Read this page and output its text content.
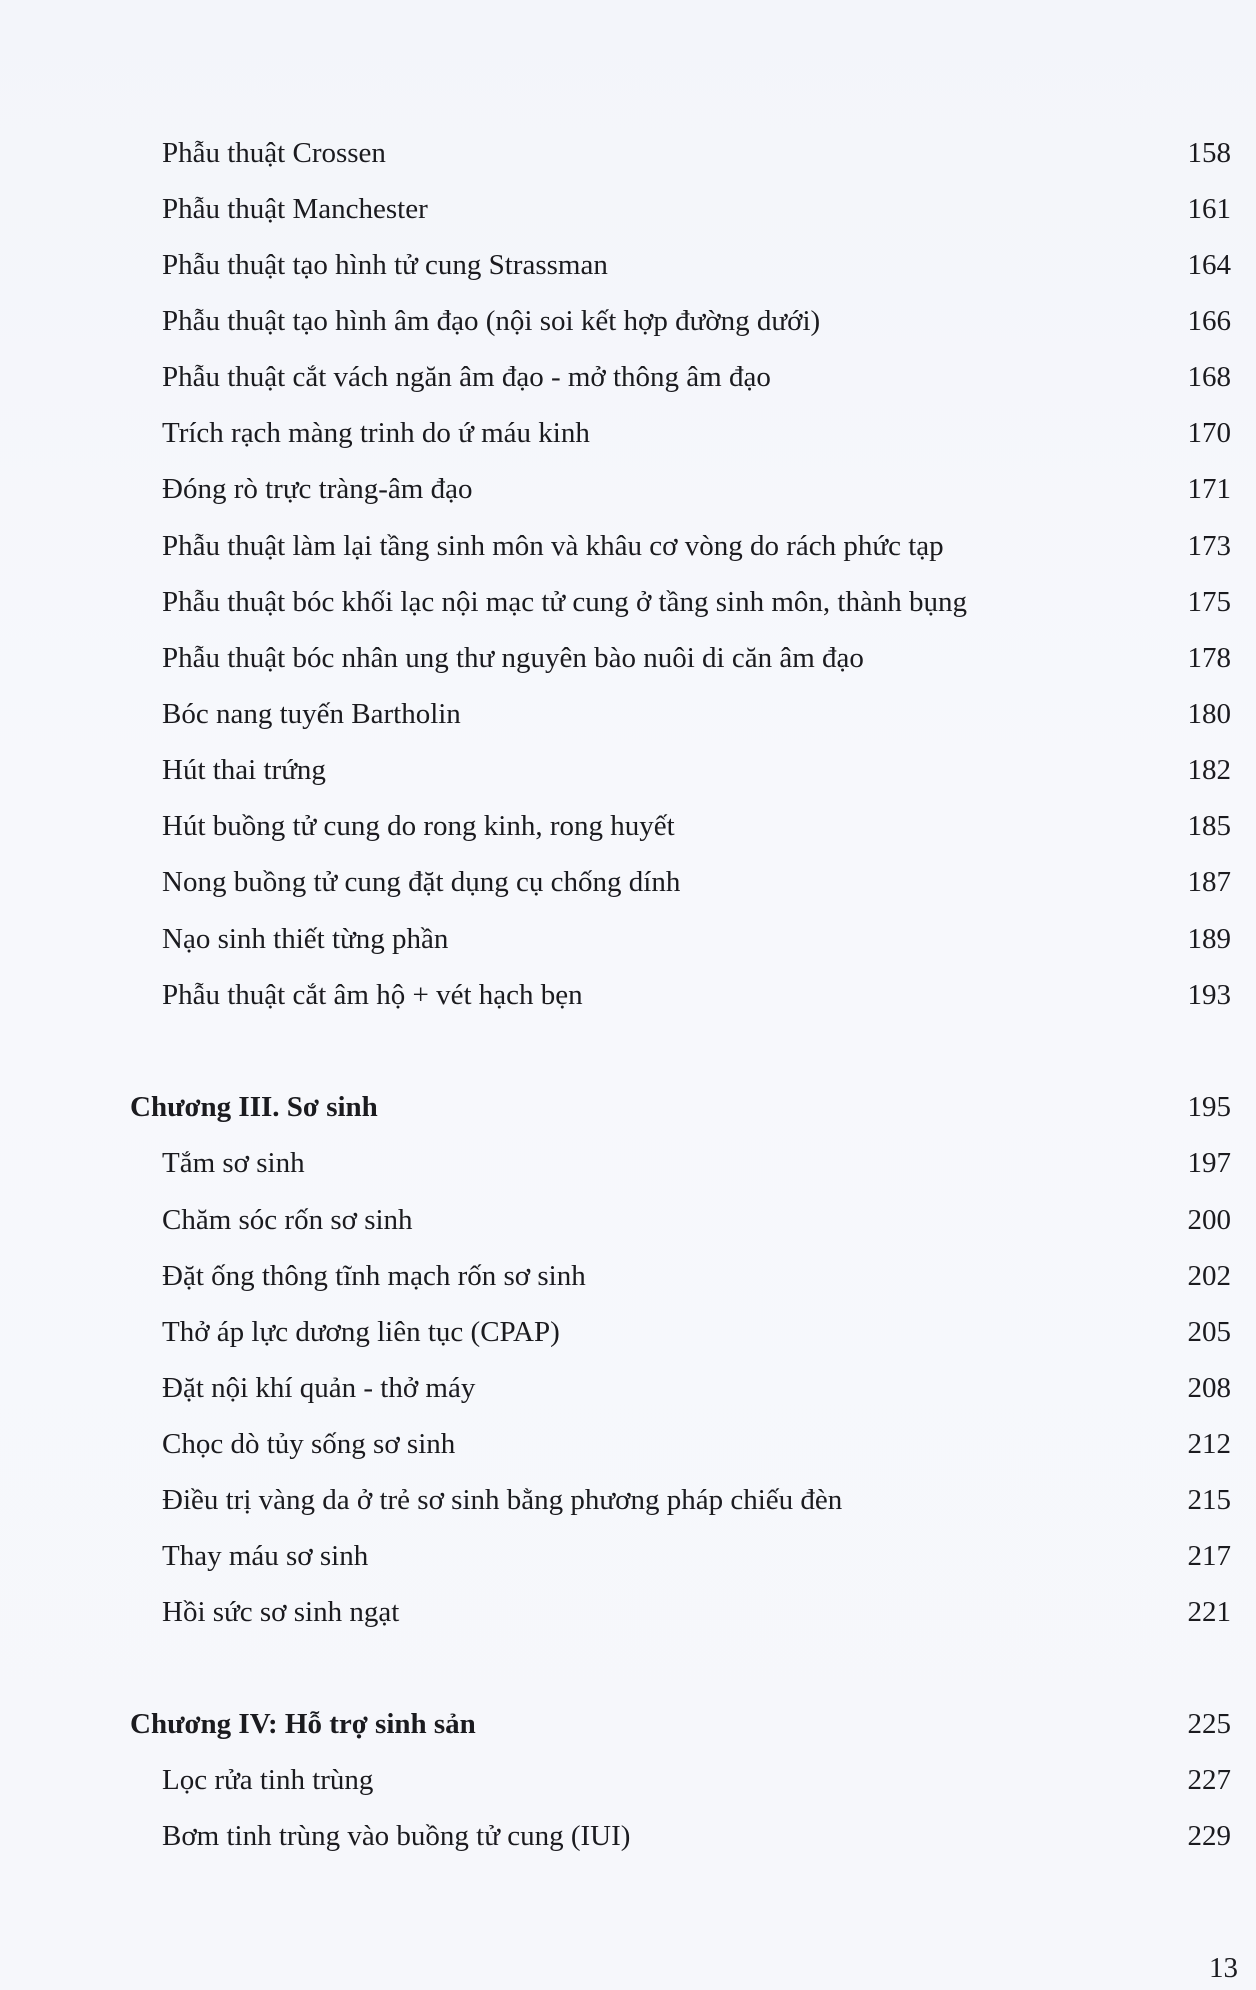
Phẫu thuật Crossen	158
Phẫu thuật Manchester	161
Phẫu thuật tạo hình tử cung Strassman	164
Phẫu thuật tạo hình âm đạo (nội soi kết hợp đường dưới)	166
Phẫu thuật cắt vách ngăn âm đạo - mở thông âm đạo	168
Trích rạch màng trinh do ứ máu kinh	170
Đóng rò trực tràng-âm đạo	171
Phẫu thuật làm lại tầng sinh môn và khâu cơ vòng do rách phức tạp	173
Phẫu thuật bóc khối lạc nội mạc tử cung ở tầng sinh môn, thành bụng	175
Phẫu thuật bóc nhân ung thư nguyên bào nuôi di căn âm đạo	178
Bóc nang tuyến Bartholin	180
Hút thai trứng	182
Hút buồng tử cung do rong kinh, rong huyết	185
Nong buồng tử cung đặt dụng cụ chống dính	187
Nạo sinh thiết từng phần	189
Phẫu thuật cắt âm hộ + vét hạch bẹn	193
Chương III. Sơ sinh	195
Tắm sơ sinh	197
Chăm sóc rốn sơ sinh	200
Đặt ống thông tĩnh mạch rốn sơ sinh	202
Thở áp lực dương liên tục (CPAP)	205
Đặt nội khí quản - thở máy	208
Chọc dò tủy sống sơ sinh	212
Điều trị vàng da ở trẻ sơ sinh bằng phương pháp chiếu đèn	215
Thay máu sơ sinh	217
Hồi sức sơ sinh ngạt	221
Chương IV: Hỗ trợ sinh sản	225
Lọc rửa tinh trùng	227
Bơm tinh trùng vào buồng tử cung (IUI)	229
13
